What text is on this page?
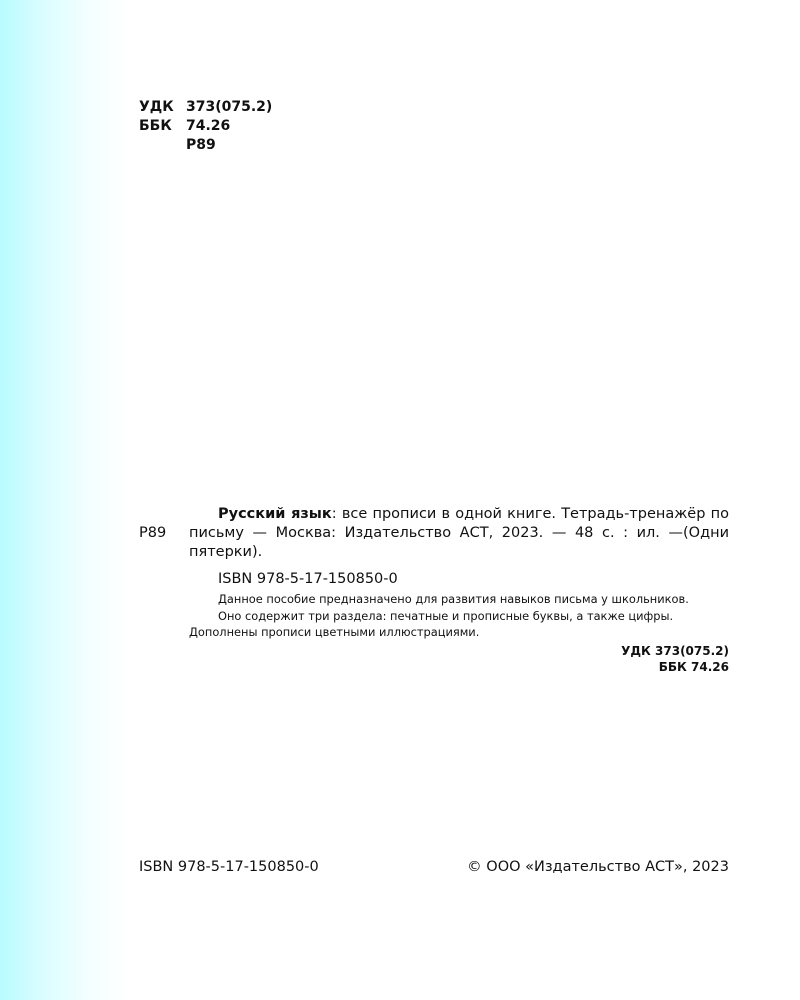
УДК 373(075.2)
ББК 74.26
Р89
Р89
Русский язык: все прописи в одной книге. Тетрадь-тренажёр по письму — Москва: Издательство АСТ, 2023. — 48 с. : ил. —(Одни пятерки).
ISBN 978-5-17-150850-0

Данное пособие предназначено для развития навыков письма у школьников.

Оно содержит три раздела: печатные и прописные буквы, а также цифры.

Дополнены прописи цветными иллюстрациями.

УДК 373(075.2)
ББК 74.26
ISBN 978-5-17-150850-0	© ООО «Издательство АСТ», 2023
